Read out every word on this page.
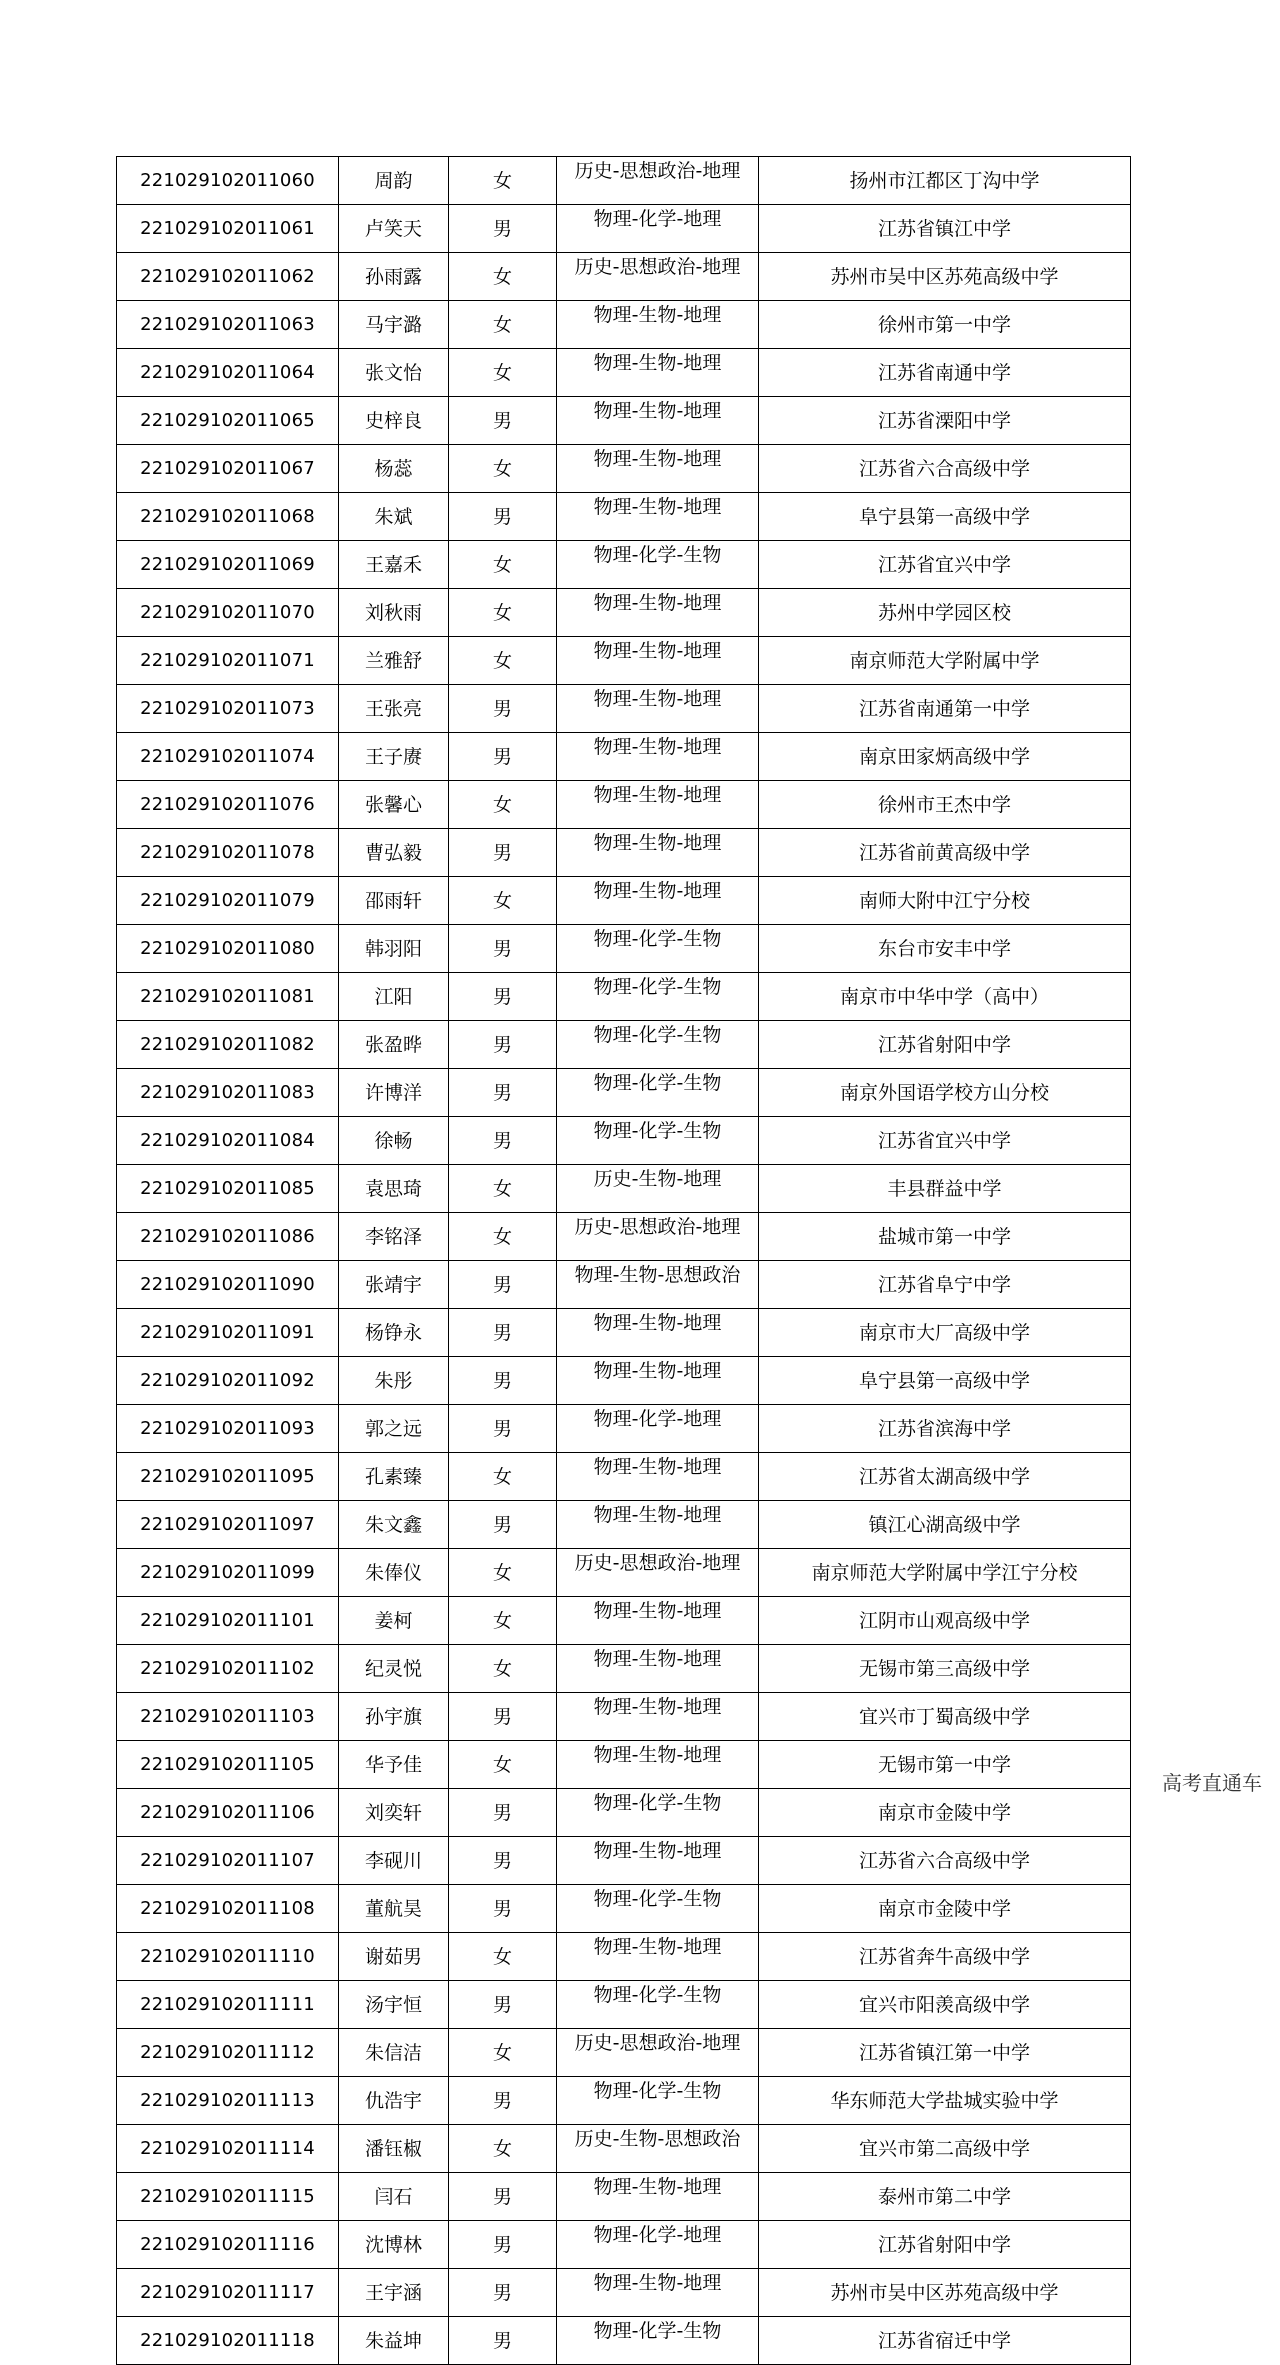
221029102011060	周韵	女	历史-思想政治-地理	扬州市江都区丁沟中学
221029102011061	卢笑天	男	物理-化学-地理	江苏省镇江中学
221029102011062	孙雨露	女	历史-思想政治-地理	苏州市吴中区苏苑高级中学
221029102011063	马宇潞	女	物理-生物-地理	徐州市第一中学
221029102011064	张文怡	女	物理-生物-地理	江苏省南通中学
221029102011065	史梓良	男	物理-生物-地理	江苏省溧阳中学
221029102011067	杨蕊	女	物理-生物-地理	江苏省六合高级中学
221029102011068	朱斌	男	物理-生物-地理	阜宁县第一高级中学
221029102011069	王嘉禾	女	物理-化学-生物	江苏省宜兴中学
221029102011070	刘秋雨	女	物理-生物-地理	苏州中学园区校
221029102011071	兰雅舒	女	物理-生物-地理	南京师范大学附属中学
221029102011073	王张亮	男	物理-生物-地理	江苏省南通第一中学
221029102011074	王子赓	男	物理-生物-地理	南京田家炳高级中学
221029102011076	张馨心	女	物理-生物-地理	徐州市王杰中学
221029102011078	曹弘毅	男	物理-生物-地理	江苏省前黄高级中学
221029102011079	邵雨轩	女	物理-生物-地理	南师大附中江宁分校
221029102011080	韩羽阳	男	物理-化学-生物	东台市安丰中学
221029102011081	江阳	男	物理-化学-生物	南京市中华中学（高中）
221029102011082	张盈晔	男	物理-化学-生物	江苏省射阳中学
221029102011083	许博洋	男	物理-化学-生物	南京外国语学校方山分校
221029102011084	徐畅	男	物理-化学-生物	江苏省宜兴中学
221029102011085	袁思琦	女	历史-生物-地理	丰县群益中学
221029102011086	李铭泽	女	历史-思想政治-地理	盐城市第一中学
221029102011090	张靖宇	男	物理-生物-思想政治	江苏省阜宁中学
221029102011091	杨铮永	男	物理-生物-地理	南京市大厂高级中学
221029102011092	朱彤	男	物理-生物-地理	阜宁县第一高级中学
221029102011093	郭之远	男	物理-化学-地理	江苏省滨海中学
221029102011095	孔素臻	女	物理-生物-地理	江苏省太湖高级中学
221029102011097	朱文鑫	男	物理-生物-地理	镇江心湖高级中学
221029102011099	朱俸仪	女	历史-思想政治-地理	南京师范大学附属中学江宁分校
221029102011101	姜柯	女	物理-生物-地理	江阴市山观高级中学
221029102011102	纪灵悦	女	物理-生物-地理	无锡市第三高级中学
221029102011103	孙宇旗	男	物理-生物-地理	宜兴市丁蜀高级中学
221029102011105	华予佳	女	物理-生物-地理	无锡市第一中学
221029102011106	刘奕轩	男	物理-化学-生物	南京市金陵中学
221029102011107	李砚川	男	物理-生物-地理	江苏省六合高级中学
221029102011108	董航昊	男	物理-化学-生物	南京市金陵中学
221029102011110	谢茹男	女	物理-生物-地理	江苏省奔牛高级中学
221029102011111	汤宇恒	男	物理-化学-生物	宜兴市阳羡高级中学
221029102011112	朱信洁	女	历史-思想政治-地理	江苏省镇江第一中学
221029102011113	仇浩宇	男	物理-化学-生物	华东师范大学盐城实验中学
221029102011114	潘钰椒	女	历史-生物-思想政治	宜兴市第二高级中学
221029102011115	闫石	男	物理-生物-地理	泰州市第二中学
221029102011116	沈博林	男	物理-化学-地理	江苏省射阳中学
221029102011117	王宇涵	男	物理-生物-地理	苏州市吴中区苏苑高级中学
221029102011118	朱益坤	男	物理-化学-生物	江苏省宿迁中学
高考直通车
